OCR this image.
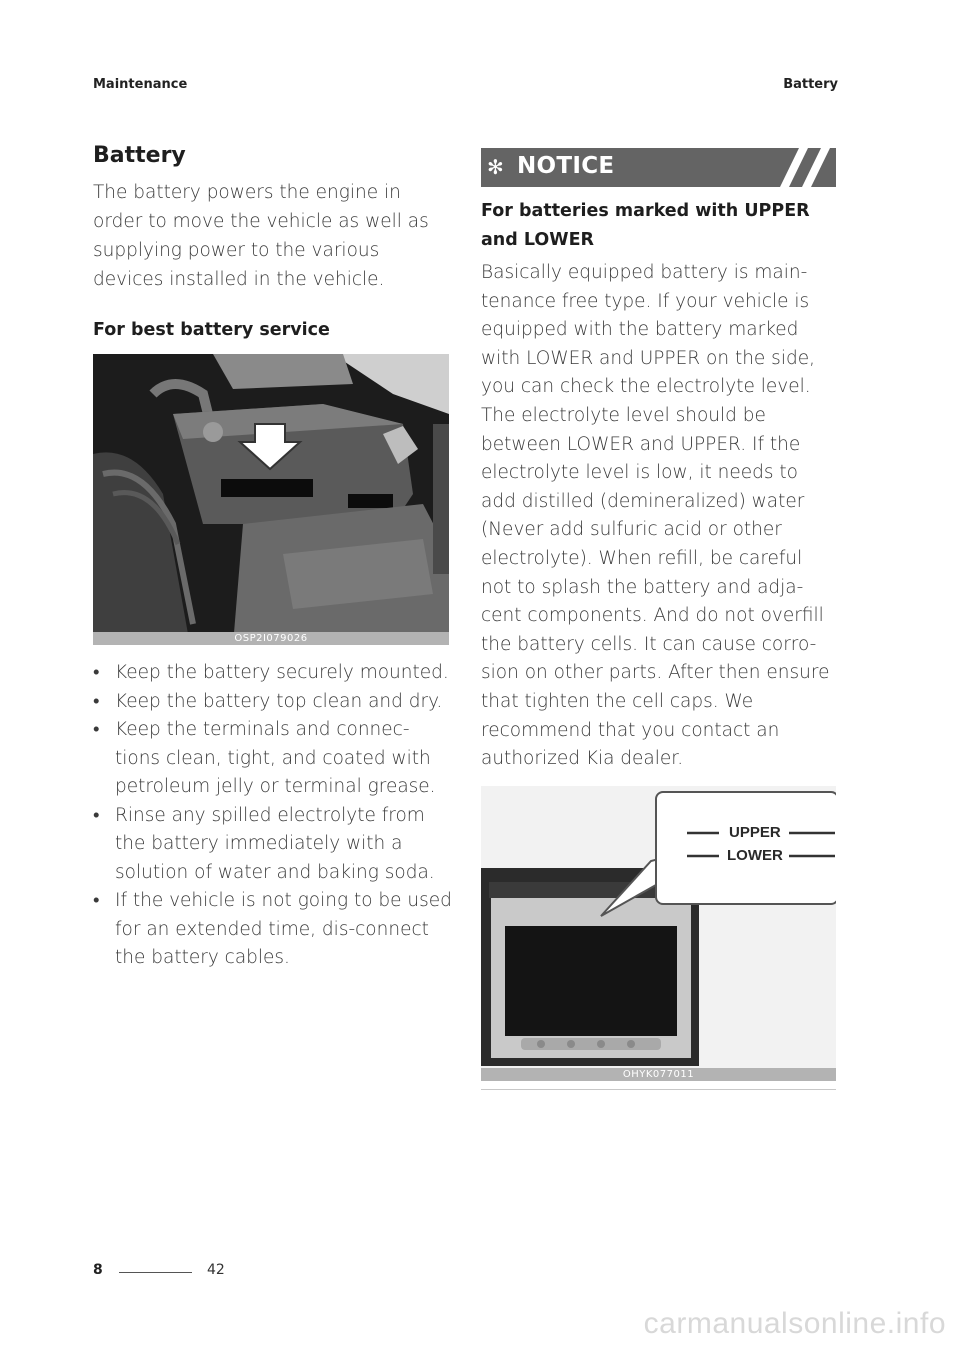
Maintenance	Battery
Battery

The battery powers the engine in order to move the vehicle as well as supplying power to the various devices installed in the vehicle.

For best battery service
OSP2I079026
• Keep the battery securely mounted.
• Keep the battery top clean and dry.
• Keep the terminals and connec-tions clean, tight, and coated with petroleum jelly or terminal grease.
• Rinse any spilled electrolyte from the battery immediately with a solution of water and baking soda.
• If the vehicle is not going to be used for an extended time, dis-connect the battery cables.
✻ NOTICE
For batteries marked with UPPER and LOWER

Basically equipped battery is main-tenance free type. If your vehicle is equipped with the battery marked with LOWER and UPPER on the side, you can check the electrolyte level. The electrolyte level should be between LOWER and UPPER. If the electrolyte level is low, it needs to add distilled (demineralized) water (Never add sulfuric acid or other electrolyte). When refill, be careful not to splash the battery and adja-cent components. And do not overfill the battery cells. It can cause corro-sion on other parts. After then ensure that tighten the cell caps. We recommend that you contact an authorized Kia dealer.

UPPER
LOWER
OHYK077011
8	42
carmanualsonline.info
